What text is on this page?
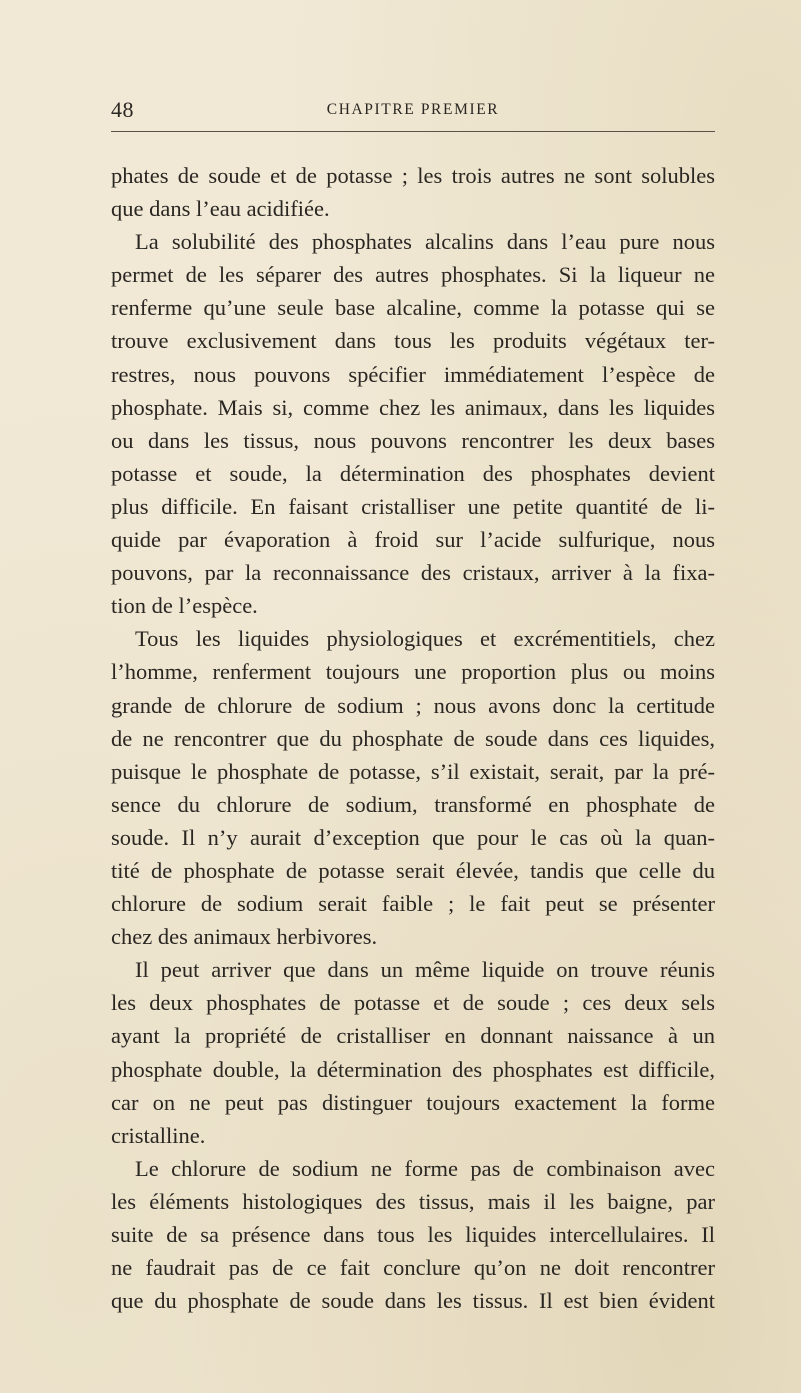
48	CHAPITRE PREMIER
phates de soude et de potasse ; les trois autres ne sont solubles
que dans l’eau acidifiée.
La solubilité des phosphates alcalins dans l’eau pure nous
permet de les séparer des autres phosphates. Si la liqueur ne
renferme qu’une seule base alcaline, comme la potasse qui se
trouve exclusivement dans tous les produits végétaux ter-
restres, nous pouvons spécifier immédiatement l’espèce de
phosphate. Mais si, comme chez les animaux, dans les liquides
ou dans les tissus, nous pouvons rencontrer les deux bases
potasse et soude, la détermination des phosphates devient
plus difficile. En faisant cristalliser une petite quantité de li-
quide par évaporation à froid sur l’acide sulfurique, nous
pouvons, par la reconnaissance des cristaux, arriver à la fixa-
tion de l’espèce.
Tous les liquides physiologiques et excrémentitiels, chez
l’homme, renferment toujours une proportion plus ou moins
grande de chlorure de sodium ; nous avons donc la certitude
de ne rencontrer que du phosphate de soude dans ces liquides,
puisque le phosphate de potasse, s’il existait, serait, par la pré-
sence du chlorure de sodium, transformé en phosphate de
soude. Il n’y aurait d’exception que pour le cas où la quan-
tité de phosphate de potasse serait élevée, tandis que celle du
chlorure de sodium serait faible ; le fait peut se présenter
chez des animaux herbivores.
Il peut arriver que dans un même liquide on trouve réunis
les deux phosphates de potasse et de soude ; ces deux sels
ayant la propriété de cristalliser en donnant naissance à un
phosphate double, la détermination des phosphates est difficile,
car on ne peut pas distinguer toujours exactement la forme
cristalline.
Le chlorure de sodium ne forme pas de combinaison avec
les éléments histologiques des tissus, mais il les baigne, par
suite de sa présence dans tous les liquides intercellulaires. Il
ne faudrait pas de ce fait conclure qu’on ne doit rencontrer
que du phosphate de soude dans les tissus. Il est bien évident
